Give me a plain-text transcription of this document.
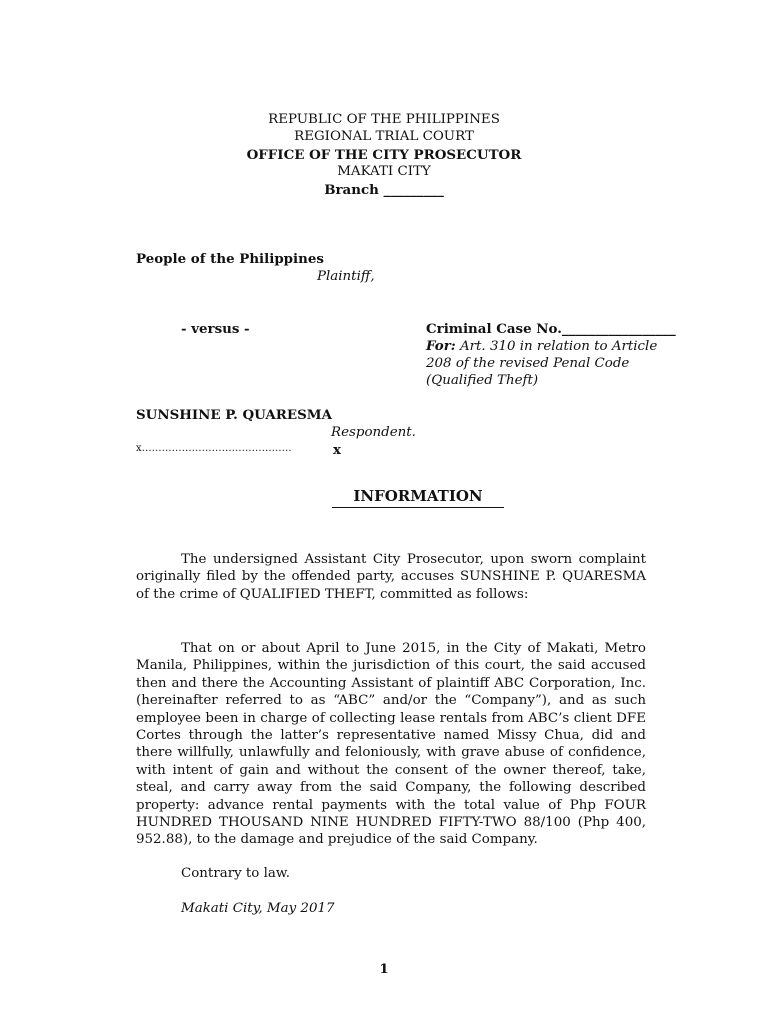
REPUBLIC OF THE PHILIPPINES
REGIONAL TRIAL COURT
OFFICE OF THE CITY PROSECUTOR
MAKATI CITY
Branch _________
People of the Philippines
Plaintiff,
- versus -	Criminal Case No._________________
For: Art. 310 in relation to Article
208 of the revised Penal Code
(Qualified Theft)
SUNSHINE P. QUARESMA
Respondent.
x………………………………………	x
INFORMATION
The undersigned Assistant City Prosecutor, upon sworn complaint originally filed by the offended party, accuses SUNSHINE P. QUARESMA of the crime of QUALIFIED THEFT, committed as follows:
That on or about April to June 2015, in the City of Makati, Metro Manila, Philippines, within the jurisdiction of this court, the said accused then and there the Accounting Assistant of plaintiff ABC Corporation, Inc. (hereinafter referred to as “ABC” and/or the “Company”), and as such employee been in charge of collecting lease rentals from ABC’s client DFE Cortes through the latter’s representative named Missy Chua, did and there willfully, unlawfully and feloniously, with grave abuse of confidence, with intent of gain and without the consent of the owner thereof, take, steal, and carry away from the said Company, the following described property: advance rental payments with the total value of Php FOUR HUNDRED THOUSAND NINE HUNDRED FIFTY-TWO 88/100 (Php 400, 952.88), to the damage and prejudice of the said Company.
Contrary to law.
Makati City, May 2017
1
